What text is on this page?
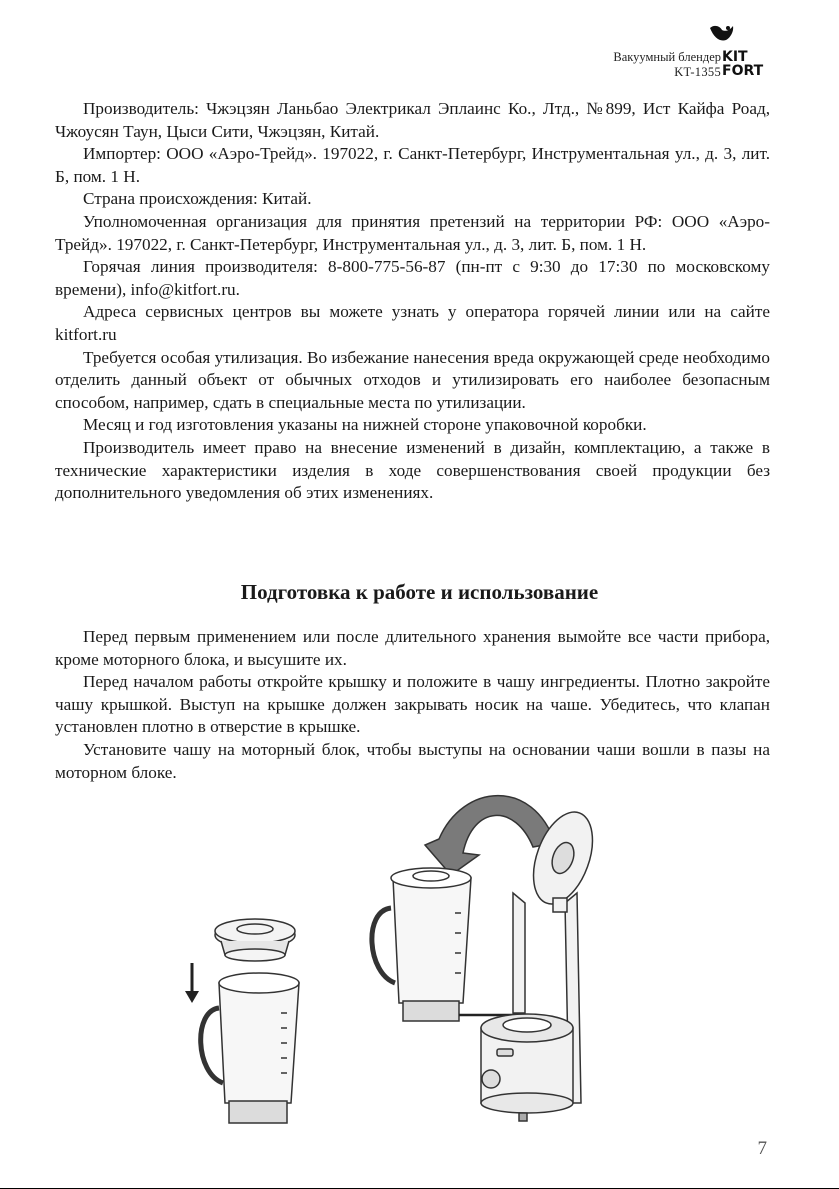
Вакуумный блендер
KT-1355
KIT
FORT

Производитель: Чжэцзян Ланьбао Электрикал Эплаинс Ко., Лтд., №899, Ист Кайфа Роад, Чжоусян Таун, Цыси Сити, Чжэцзян, Китай.

Импортер: ООО «Аэро-Трейд». 197022, г. Санкт-Петербург, Инструментальная ул., д. 3, лит. Б, пом. 1 Н.

Страна происхождения: Китай.

Уполномоченная организация для принятия претензий на территории РФ: ООО «Аэро-Трейд». 197022, г. Санкт-Петербург, Инструментальная ул., д. 3, лит. Б, пом. 1 Н.

Горячая линия производителя: 8-800-775-56-87 (пн-пт с 9:30 до 17:30 по московскому времени), info@kitfort.ru.

Адреса сервисных центров вы можете узнать у оператора горячей линии или на сайте kitfort.ru

Требуется особая утилизация. Во избежание нанесения вреда окружающей среде необходимо отделить данный объект от обычных отходов и утилизировать его наиболее безопасным способом, например, сдать в специальные места по утилизации.

Месяц и год изготовления указаны на нижней стороне упаковочной коробки.

Производитель имеет право на внесение изменений в дизайн, комплектацию, а также в технические характеристики изделия в ходе совершенствования своей продукции без дополнительного уведомления об этих изменениях.

Подготовка к работе и использование

Перед первым применением или после длительного хранения вымойте все части прибора, кроме моторного блока, и высушите их.

Перед началом работы откройте крышку и положите в чашу ингредиенты. Плотно закройте чашу крышкой. Выступ на крышке должен закрывать носик на чаше. Убедитесь, что клапан установлен плотно в отверстие в крышке.

Установите чашу на моторный блок, чтобы выступы на основании чаши вошли в пазы на моторном блоке.

7
